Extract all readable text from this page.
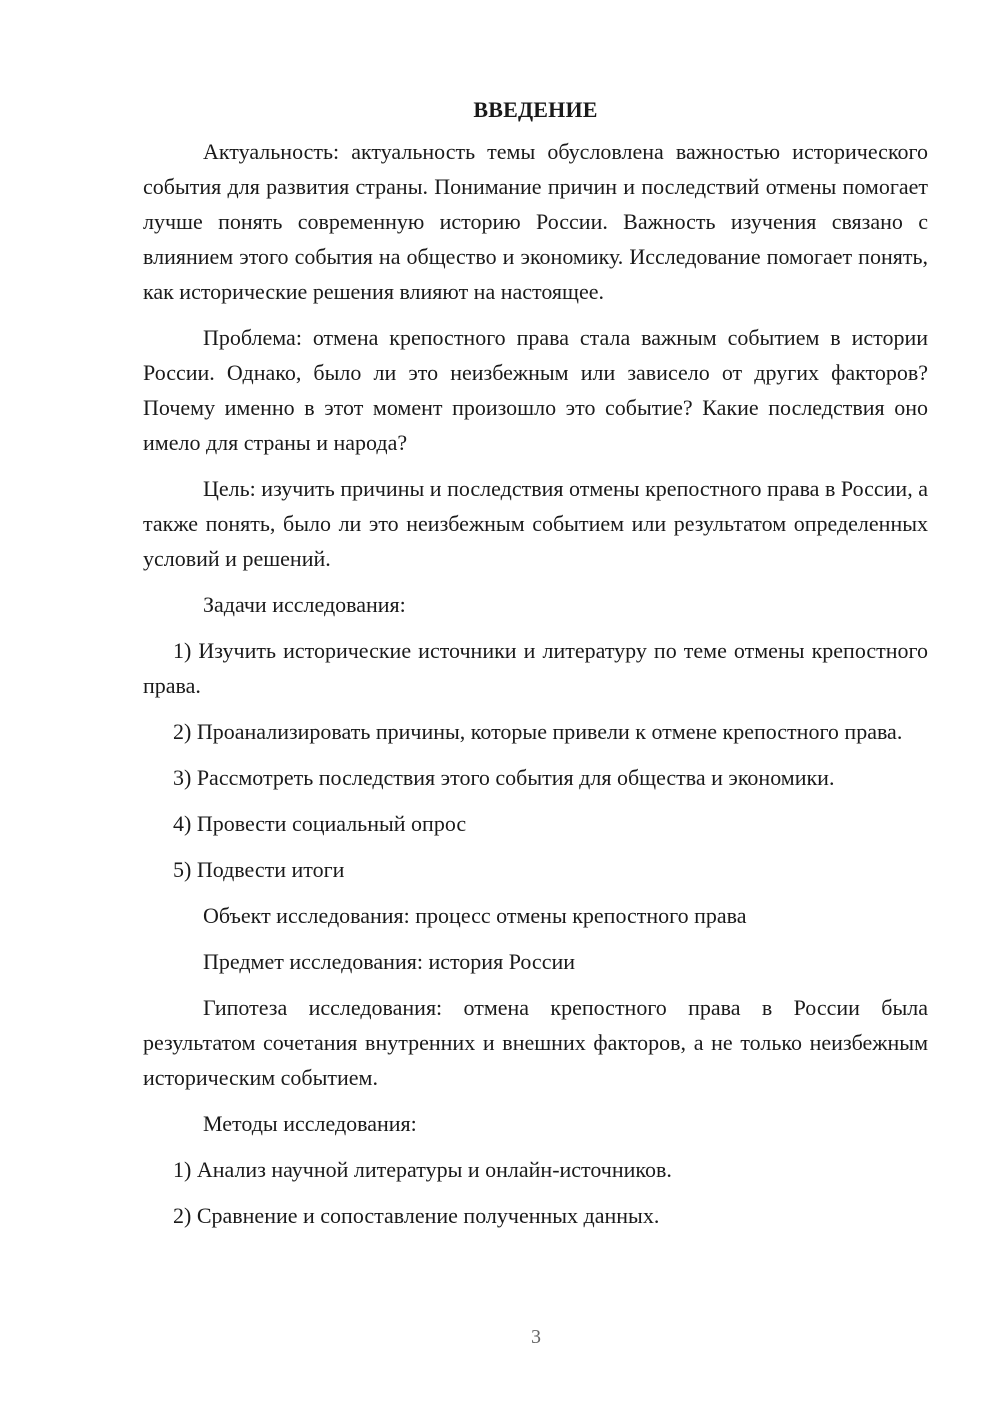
ВВЕДЕНИЕ

Актуальность: актуальность темы обусловлена важностью исторического события для развития страны. Понимание причин и последствий отмены помогает лучше понять современную историю России. Важность изучения связано с влиянием этого события на общество и экономику. Исследование помогает понять, как исторические решения влияют на настоящее.

Проблема: отмена крепостного права стала важным событием в истории России. Однако, было ли это неизбежным или зависело от других факторов? Почему именно в этот момент произошло это событие? Какие последствия оно имело для страны и народа?

Цель: изучить причины и последствия отмены крепостного права в России, а также понять, было ли это неизбежным событием или результатом определенных условий и решений.

Задачи исследования:

1) Изучить исторические источники и литературу по теме отмены крепостного права.

2) Проанализировать причины, которые привели к отмене крепостного права.

3) Рассмотреть последствия этого события для общества и экономики.

4) Провести социальный опрос

5) Подвести итоги

Объект исследования: процесс отмены крепостного права

Предмет исследования: история России

Гипотеза исследования: отмена крепостного права в России была результатом сочетания внутренних и внешних факторов, а не только неизбежным историческим событием.

Методы исследования:

1) Анализ научной литературы и онлайн-источников.

2) Сравнение и сопоставление полученных данных.

3
